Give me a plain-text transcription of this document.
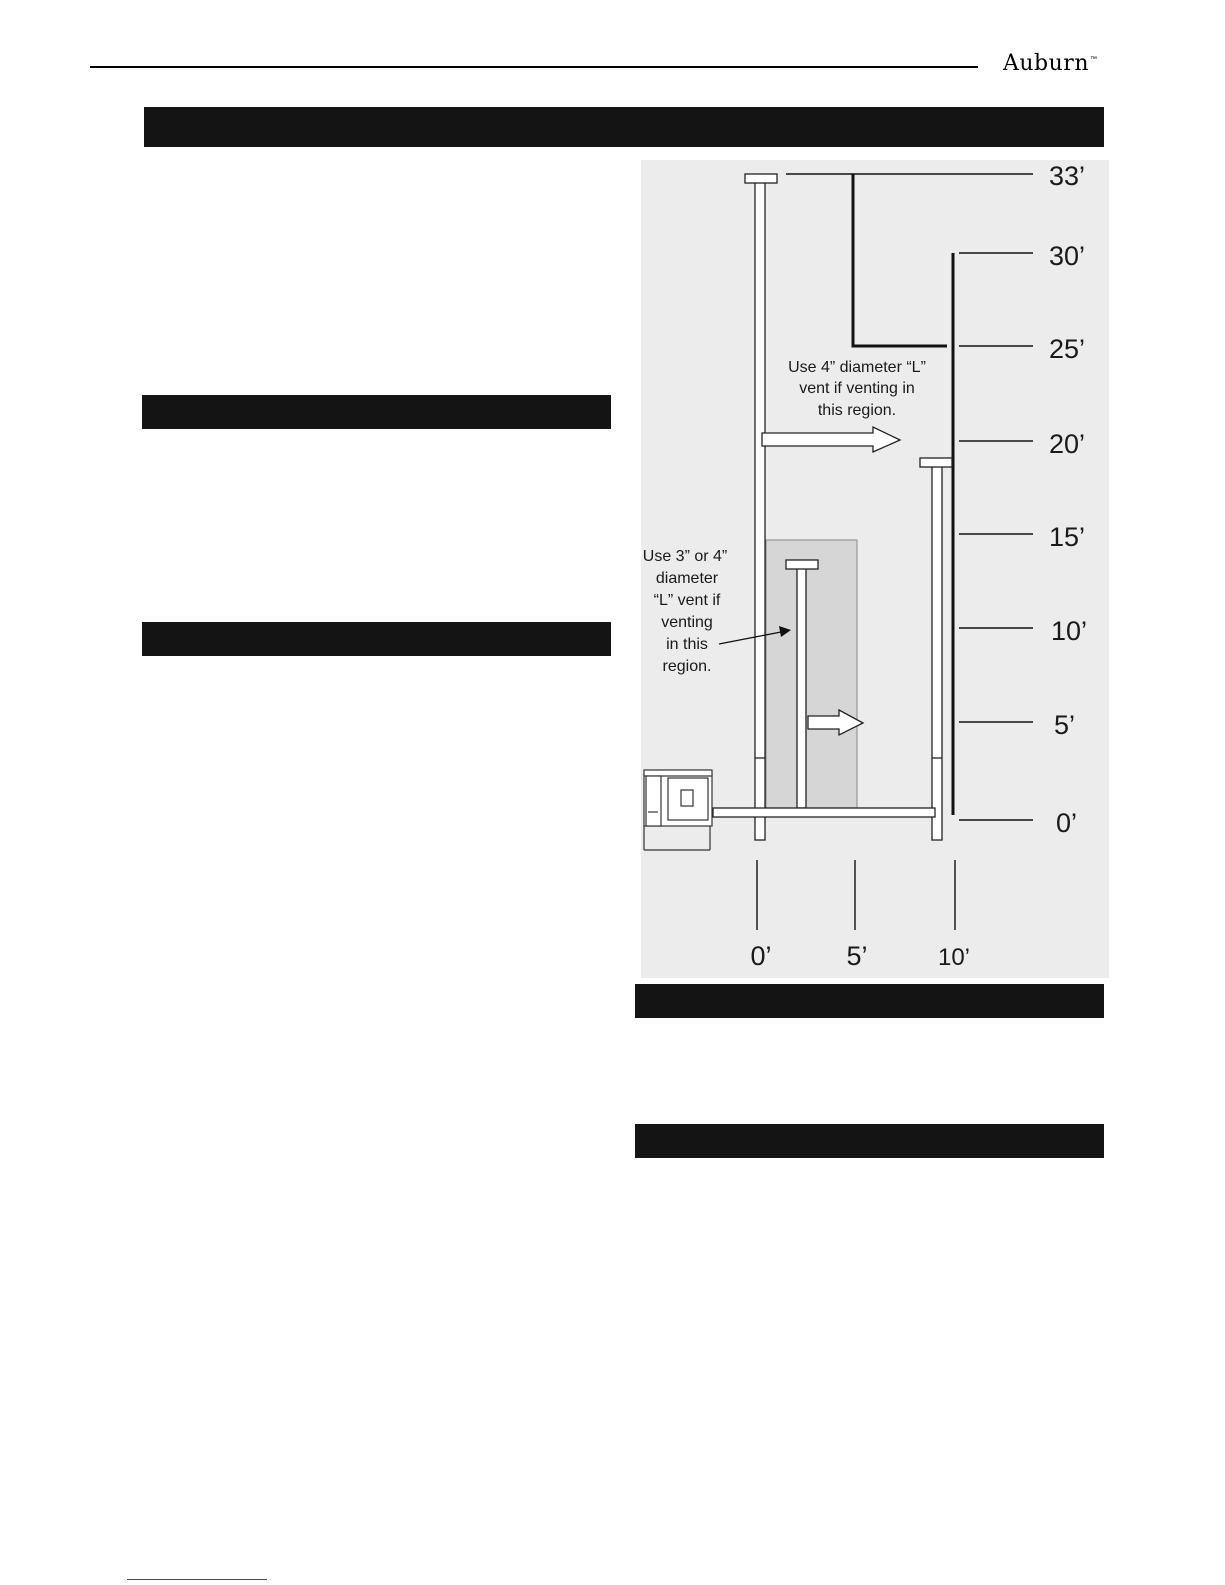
Auburn ™
33’
30’
25’
20’
15’
10’
5’
0’
0’	5’	10’
Use 4” diameter “L”
vent if venting in
this region.
Use 3” or 4”
diameter
“L” vent if
venting
in this
region.
